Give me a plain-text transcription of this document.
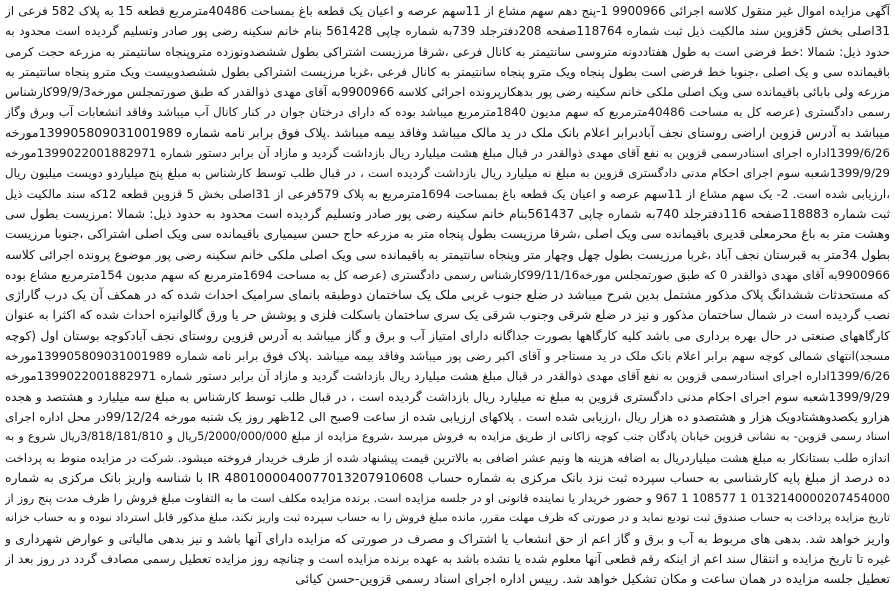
آگهی مزایده اموال غیر منقول کلاسه اجرائی 9900966 1-پنج دهم سهم مشاع از 11سهم عرصه و اعیان یک قطعه باغ بمساحت 40486مترمربع قطعه 15 به پلاک 582 فرعی از
31اصلی بخش 5قزوین سند مالکیت ذیل ثبت شماره 118764صفحه 208دفترجلد 739به شماره چاپی 561428 بنام خانم سکینه رضی پور صادر وتسلیم گردیده است محدود به
حدود ذیل: شمالا :خط فرضی است به طول هفتاددونه متروسی سانتیمتر به کانال فرعی ،شرقا مرزیست اشتراکی بطول ششصدونوزده متروپنجاه سانتیمتر به مزرعه حجت کرمی
باقیمانده سی و یک اصلی ،جنوبا خط فرضی است بطول پنجاه ویک مترو پنجاه سانتیمتر به کانال فرعی ،غربا مرزیست اشتراکی بطول ششصدوبیست ویک مترو پنجاه سانتیمتر به
مزرعه ولی بابائی باقیمانده سی ویک اصلی ملکی خانم سکینه رضی پور بدهکارپرونده اجرائی کلاسه 9900966به آقای مهدی ذوالقدر که طبق صورتمجلس مورخه99/9/3کارشناس
رسمی دادگستری (عرصه کل به مساحت 40486مترمربع که سهم مدیون 1840مترمربع میباشد بوده که دارای درختان جوان در کنار کانال آب میباشد وفاقد انشعابات آب وبرق وگاز
میباشد به آدرس قزوین اراضی روستای نجف آبادبرابر اعلام بانک ملک در ید مالک میباشد وفاقد بیمه میباشد .پلاک فوق برابر نامه شماره 139905809031001989مورخه
1399/6/26اداره اجرای اسنادرسمی قزوین به نفع آقای مهدی ذوالقدر در قبال مبلغ هشت میلیارد ریال بازداشت گردید و مازاد آن برابر دستور شماره 1399022001882971مورخه
1399/9/29شعبه سوم اجرای احکام مدنی دادگستری قزوین به مبلغ نه میلیارد ریال بازداشت گردیده است ، در قبال طلب توسط کارشناس به مبلغ پنج میلیاردو دویست میلیون ریال
،ارزیابی شده است. 2- یک سهم مشاع از 11سهم عرصه و اعیان یک قطعه باغ بمساحت 1694مترمربع به پلاک 579فرعی از 31اصلی بخش 5 قزوین قطعه 12که سند مالکیت ذیل
ثبت شماره 118883صفحه 116دفترجلد 740به شماره چاپی 561437بنام خانم سکینه رضی پور صادر وتسلیم گردیده است محدود به حدود ذیل: شمالا :مرزیست بطول سی
وهشت متر به باغ محرمعلی قدیری باقیمانده سی ویک اصلی ،شرقا مرزیست بطول پنجاه متر به مزرعه حاج حسن سیمیاری باقیمانده سی ویک اصلی اشتراکی ،جنوبا مرزیست
بطول 34متر به قبرستان نجف آباد ،غربا مرزیست بطول چهل وچهار متر وپنجاه سانتیمتر به باقیمانده سی ویک اصلی ملکی خانم سکینه رضی پور موضوع پرونده اجرائی کلاسه
9900966به آقای مهدی ذوالقدر 0 که طبق صورتمجلس مورخه99/11/16کارشناس رسمی دادگستری (عرصه کل به مساحت 1694مترمربع که سهم مدیون 154مترمربع مشاع بوده
که مستحدثات ششدانگ پلاک مذکور مشتمل بدین شرح میباشد در ضلع جنوب غربی ملک یک ساختمان دوطبقه بانمای سرامیک احداث شده که در همکف آن یک درب گاراژی
نصب گردیده است در شمال ساختمان مذکور و نیز در ضلع شرقی وجنوب شرقی یک سری ساختمان باسکلت فلزی و پوشش حر یا ورق گالوانیزه احداث شده که اکثرا به عنوان
کارگاههای صنعتی در حال بهره برداری می باشد کلیه کارگاهها بصورت جداگانه دارای امتیاز آب و برق و گاز میباشد به آدرس قزوین روستای نجف آبادکوچه بوستان اول (کوچه
مسجد)انتهای شمالی کوچه سهم برابر اعلام بانک ملک در ید مستاجر و آقای اکبر رضی پور میباشد وفاقد بیمه میباشد .پلاک فوق برابر نامه شماره 139905809031001989مورخه
1399/6/26اداره اجرای اسنادرسمی قزوین به نفع آقای مهدی ذوالقدر در قبال مبلغ هشت میلیارد ریال بازداشت گردید و مازاد آن برابر دستور شماره 1399022001882971مورخه
1399/9/29شعبه سوم اجرای احکام مدنی دادگستری قزوین به مبلغ نه میلیارد ریال بازداشت گردیده است ، در قبال طلب توسط کارشناس به مبلغ سه میلیارد و هشتصد و هجده
هزارو یکصدوهشتادویک هزار و هشتصدو ده هزار ریال ،ارزیابی شده است . پلاکهای ارزیابی شده از ساعت 9صبح الی 12ظهر روز یک شنبه مورخه 99/12/24در محل اداره اجرای
اسناد رسمی قزوین- به نشانی قزوین خیابان پادگان جنب کوچه زاکانی از طریق مزایده به فروش میرسد ،شروع مزایده از مبلغ 5/2000/000/000ریال و 3/818/181/810ریال شروع و به
اندازه طلب بستانکار به مبلغ هشت میلیاردریال به اضافه هزینه ها ونیم عشر اضافی به بالاترین قیمت پیشنهاد شده از طرف خریدار فروخته میشود. شرکت در مزایده منوط به پرداخت
ده درصد از مبلغ پایه کارشناسی به حساب سپرده ثبت نزد بانک مرکزی به شماره حساب 4801000040077013207910608 IR با شناسه واریز بانک مرکزی به شماره
0132140000207454000 1 108577 1 967 و حضور خریدار یا نماینده قانونی او در جلسه مزایده است. برنده مزایده مکلف است ما به التفاوت مبلغ فروش را ظرف مدت پنج روز از
تاریخ مزایده پرداخت به حساب صندوق ثبت تودیع نماید و در صورتی که ظرف مهلت مقرر، مانده مبلغ فروش را به حساب سپرده ثبت واریز نکند، مبلغ مذکور قابل استرداد نبوده و به حساب خزانه
واریز خواهد شد. بدهی های مربوط به آب و برق و گاز اعم از حق انشعاب یا اشتراک و مصرف در صورتی که مزایده دارای آنها باشد و نیز بدهی مالیاتی و عوارض شهرداری و
غیره تا تاریخ مزایده و انتقال سند اعم از اینکه رقم قطعی آنها معلوم شده یا نشده باشد به عهده برنده مزایده است و چنانچه روز مزایده تعطیل رسمی مصادف گردد در روز بعد از
تعطیل جلسه مزایده در همان ساعت و مکان تشکیل خواهد شد. رییس اداره اجرای اسناد رسمی قزوین-حسن کیائی
